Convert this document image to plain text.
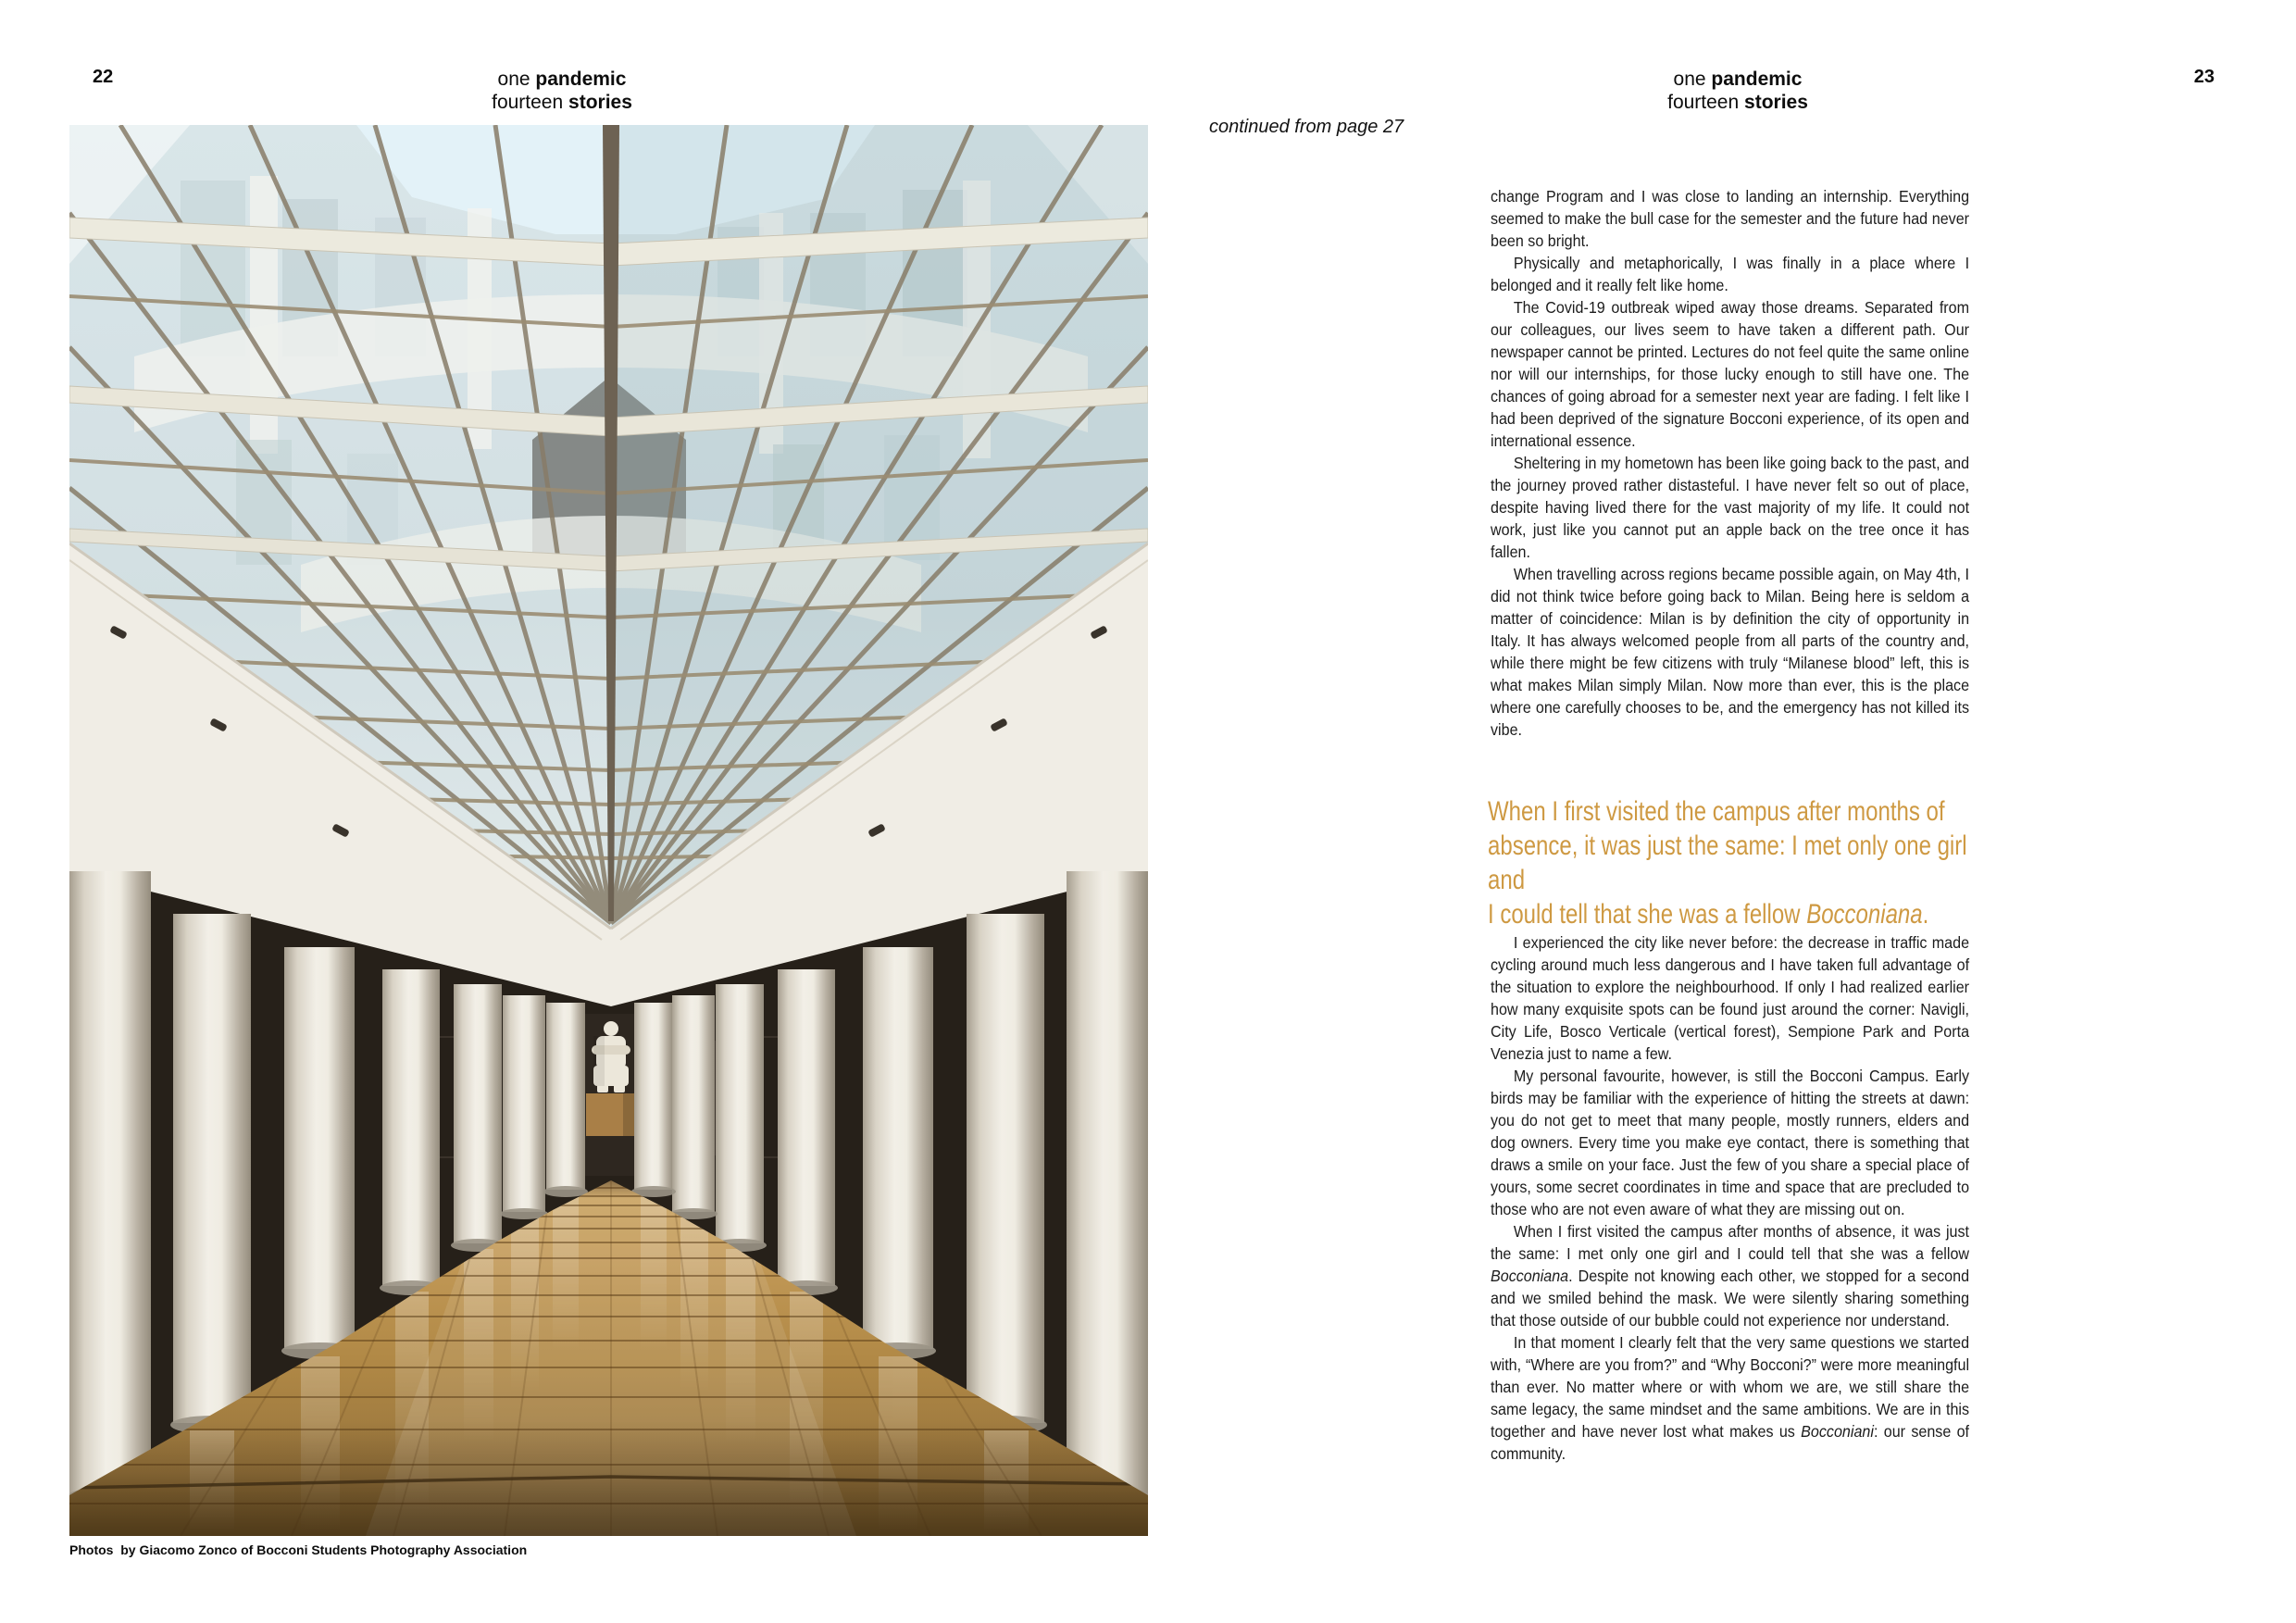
22	one pandemic
fourteen stories
one pandemic
fourteen stories
23
continued from page 27
Photos  by Giacomo Zonco of Bocconi Students Photography Association

change Program and I was close to landing an internship. Everything seemed to make the bull case for the semester and the future had never been so bright.

Physically and metaphorically, I was finally in a place where I belonged and it really felt like home.

The Covid-19 outbreak wiped away those dreams. Separated from our colleagues, our lives seem to have taken a different path. Our newspaper cannot be printed. Lectures do not feel quite the same online nor will our internships, for those lucky enough to still have one. The chances of going abroad for a semester next year are fading. I felt like I had been deprived of the signature Bocconi experience, of its open and international essence.

Sheltering in my hometown has been like going back to the past, and the journey proved rather distasteful. I have never felt so out of place, despite having lived there for the vast majority of my life. It could not work, just like you cannot put an apple back on the tree once it has fallen.

When travelling across regions became possible again, on May 4th, I did not think twice before going back to Milan. Being here is seldom a matter of coincidence: Milan is by definition the city of opportunity in Italy. It has always welcomed people from all parts of the country and, while there might be few citizens with truly “Milanese blood” left, this is what makes Milan simply Milan. Now more than ever, this is the place where one carefully chooses to be, and the emergency has not killed its vibe.

When I first visited the campus after months of
absence, it was just the same: I met only one girl and
I could tell that she was a fellow Bocconiana.

I experienced the city like never before: the decrease in traffic made cycling around much less dangerous and I have taken full advantage of the situation to explore the neighbourhood. If only I had realized earlier how many exquisite spots can be found just around the corner: Navigli, City Life, Bosco Verticale (vertical forest), Sempione Park and Porta Venezia just to name a few.

My personal favourite, however, is still the Bocconi Campus. Early birds may be familiar with the experience of hitting the streets at dawn: you do not get to meet that many people, mostly runners, elders and dog owners. Every time you make eye contact, there is something that draws a smile on your face. Just the few of you share a special place of yours, some secret coordinates in time and space that are precluded to those who are not even aware of what they are missing out on.

When I first visited the campus after months of absence, it was just the same: I met only one girl and I could tell that she was a fellow Bocconiana. Despite not knowing each other, we stopped for a second and we smiled behind the mask. We were silently sharing something that those outside of our bubble could not experience nor understand.

In that moment I clearly felt that the very same questions we started with, “Where are you from?” and “Why Bocconi?” were more meaningful than ever. No matter where or with whom we are, we still share the same legacy, the same mindset and the same ambitions. We are in this together and have never lost what makes us Bocconiani: our sense of community.
